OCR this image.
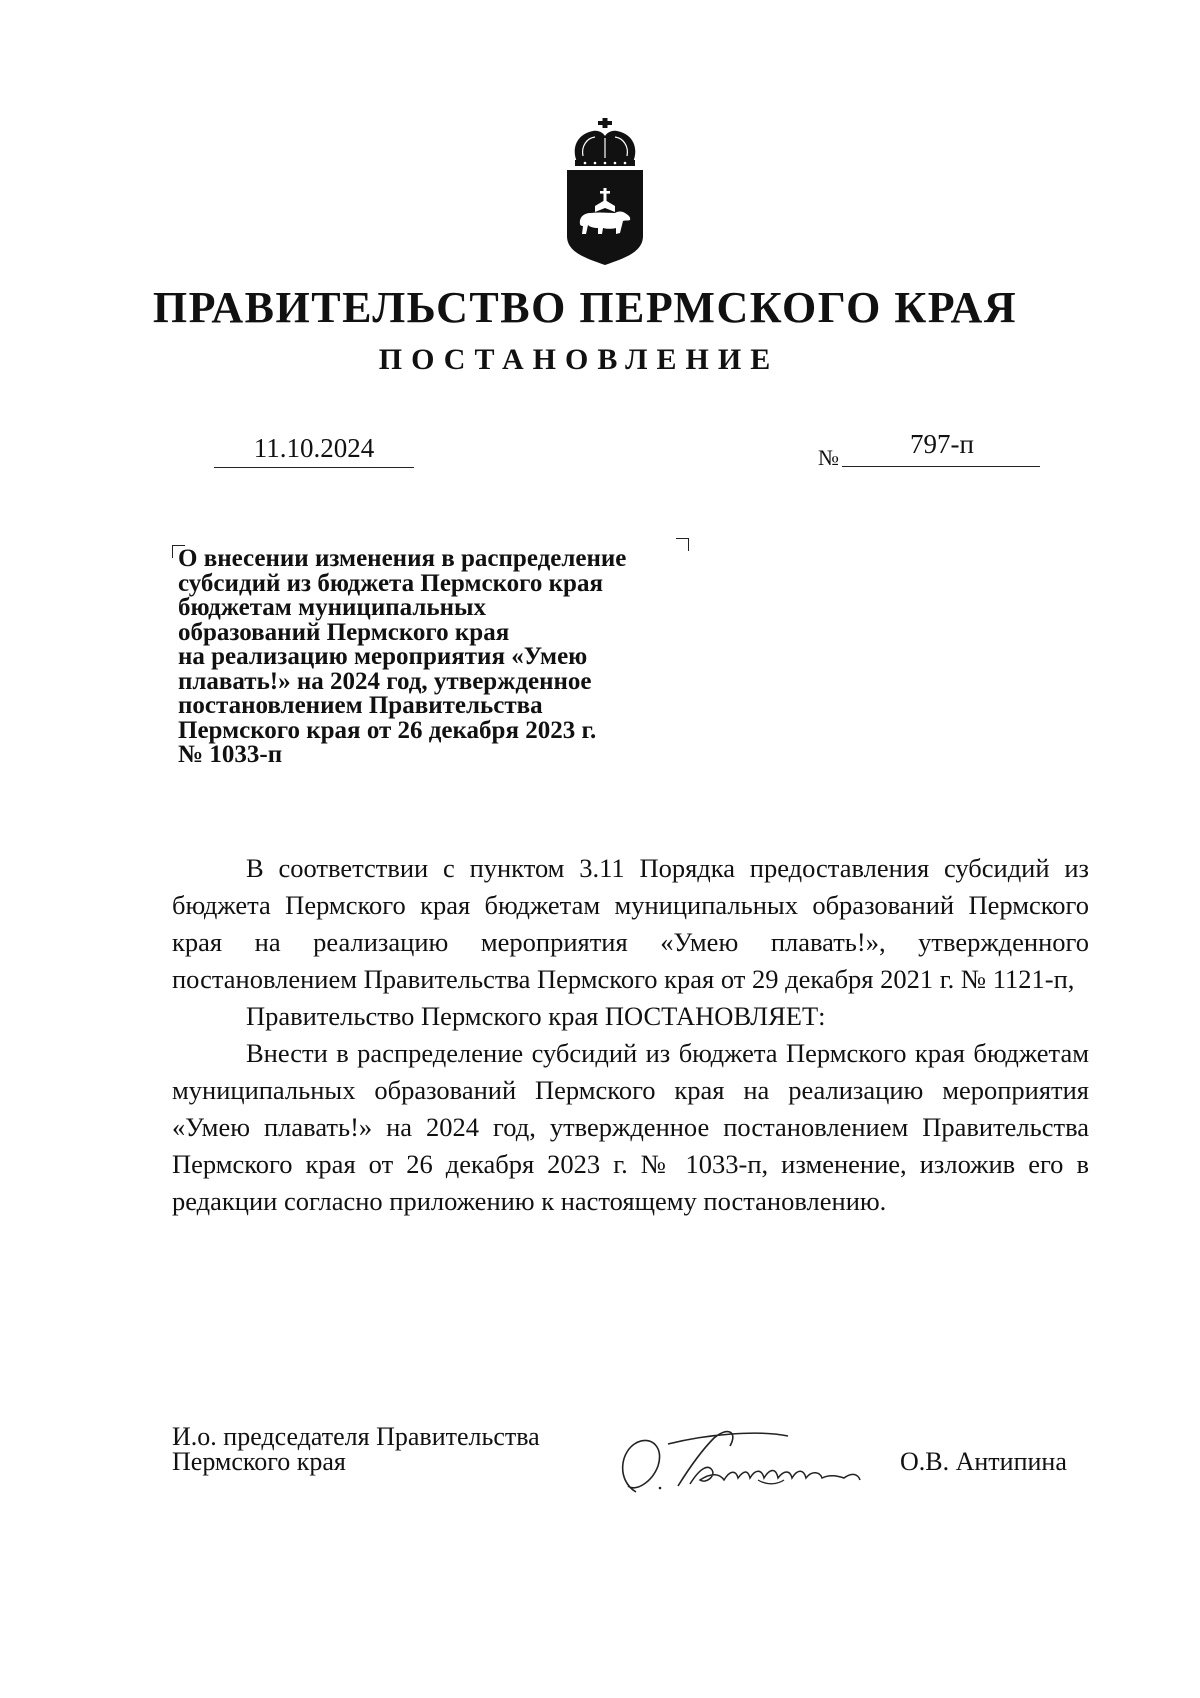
ПРАВИТЕЛЬСТВО ПЕРМСКОГО КРАЯ
ПОСТАНОВЛЕНИЕ
11.10.2024	№	797-п
О внесении изменения в распределение
субсидий из бюджета Пермского края
бюджетам муниципальных
образований Пермского края
на реализацию мероприятия «Умею
плавать!» на 2024 год, утвержденное
постановлением Правительства
Пермского края от 26 декабря 2023 г.
№ 1033-п

В соответствии с пунктом 3.11 Порядка предоставления субсидий из бюджета Пермского края бюджетам муниципальных образований Пермского края на реализацию мероприятия «Умею плавать!», утвержденного постановлением Правительства Пермского края от 29 декабря 2021 г. № 1121-п,

Правительство Пермского края ПОСТАНОВЛЯЕТ:

Внести в распределение субсидий из бюджета Пермского края бюджетам муниципальных образований Пермского края на реализацию мероприятия «Умею плавать!» на 2024 год, утвержденное постановлением Правительства Пермского края от 26 декабря 2023 г. № 1033-п, изменение, изложив его в редакции согласно приложению к настоящему постановлению.

И.о. председателя Правительства
Пермского края	О.В. Антипина
